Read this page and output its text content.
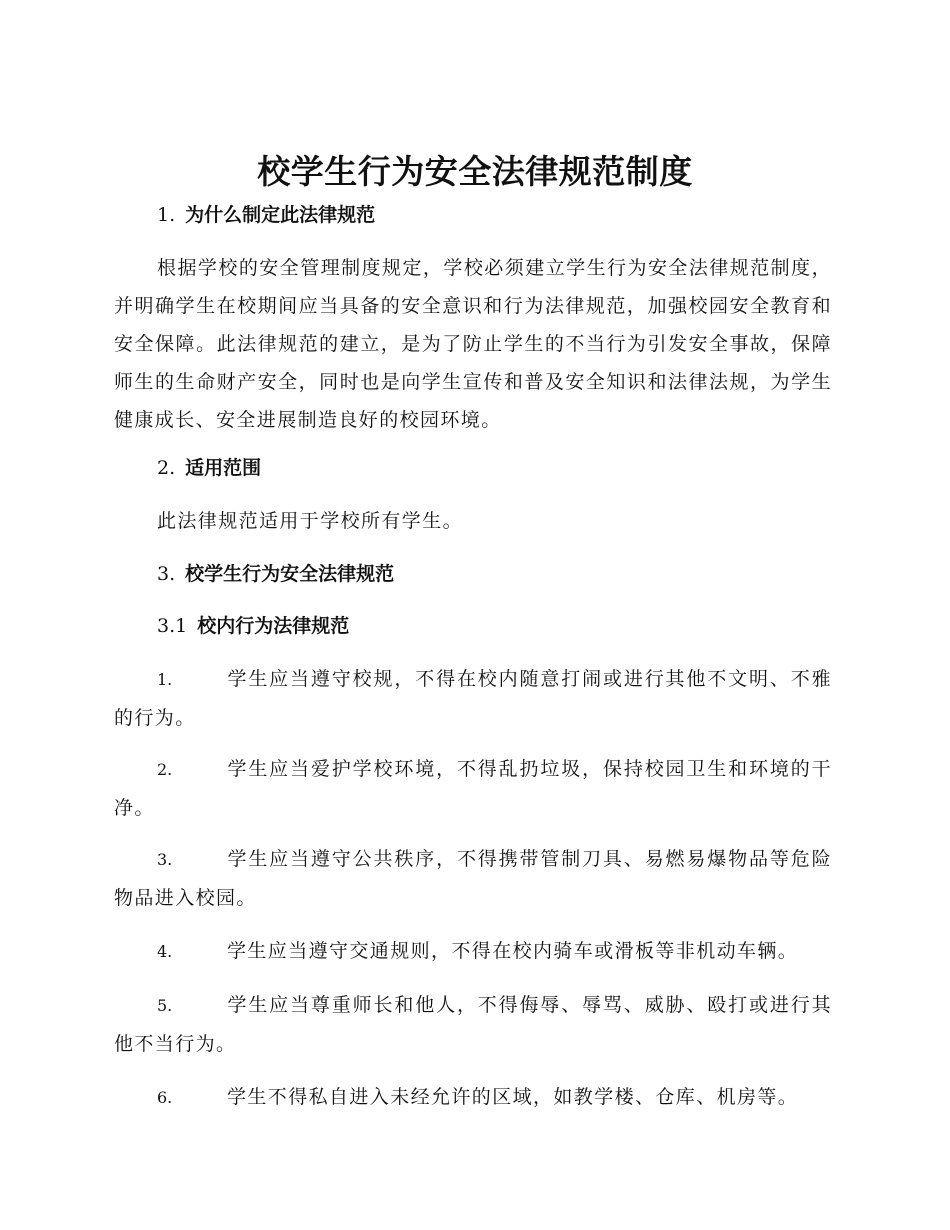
校学生行为安全法律规范制度
1. 为什么制定此法律规范
根据学校的安全管理制度规定，学校必须建立学生行为安全法律规范制度，并明确学生在校期间应当具备的安全意识和行为法律规范，加强校园安全教育和安全保障。此法律规范的建立，是为了防止学生的不当行为引发安全事故，保障师生的生命财产安全，同时也是向学生宣传和普及安全知识和法律法规，为学生健康成长、安全进展制造良好的校园环境。
2. 适用范围
此法律规范适用于学校所有学生。
3. 校学生行为安全法律规范
3.1 校内行为法律规范
1.	学生应当遵守校规，不得在校内随意打闹或进行其他不文明、不雅的行为。
2.	学生应当爱护学校环境，不得乱扔垃圾，保持校园卫生和环境的干净。
3.	学生应当遵守公共秩序，不得携带管制刀具、易燃易爆物品等危险物品进入校园。
4.	学生应当遵守交通规则，不得在校内骑车或滑板等非机动车辆。
5.	学生应当尊重师长和他人，不得侮辱、辱骂、威胁、殴打或进行其他不当行为。
6.	学生不得私自进入未经允许的区域，如教学楼、仓库、机房等。
